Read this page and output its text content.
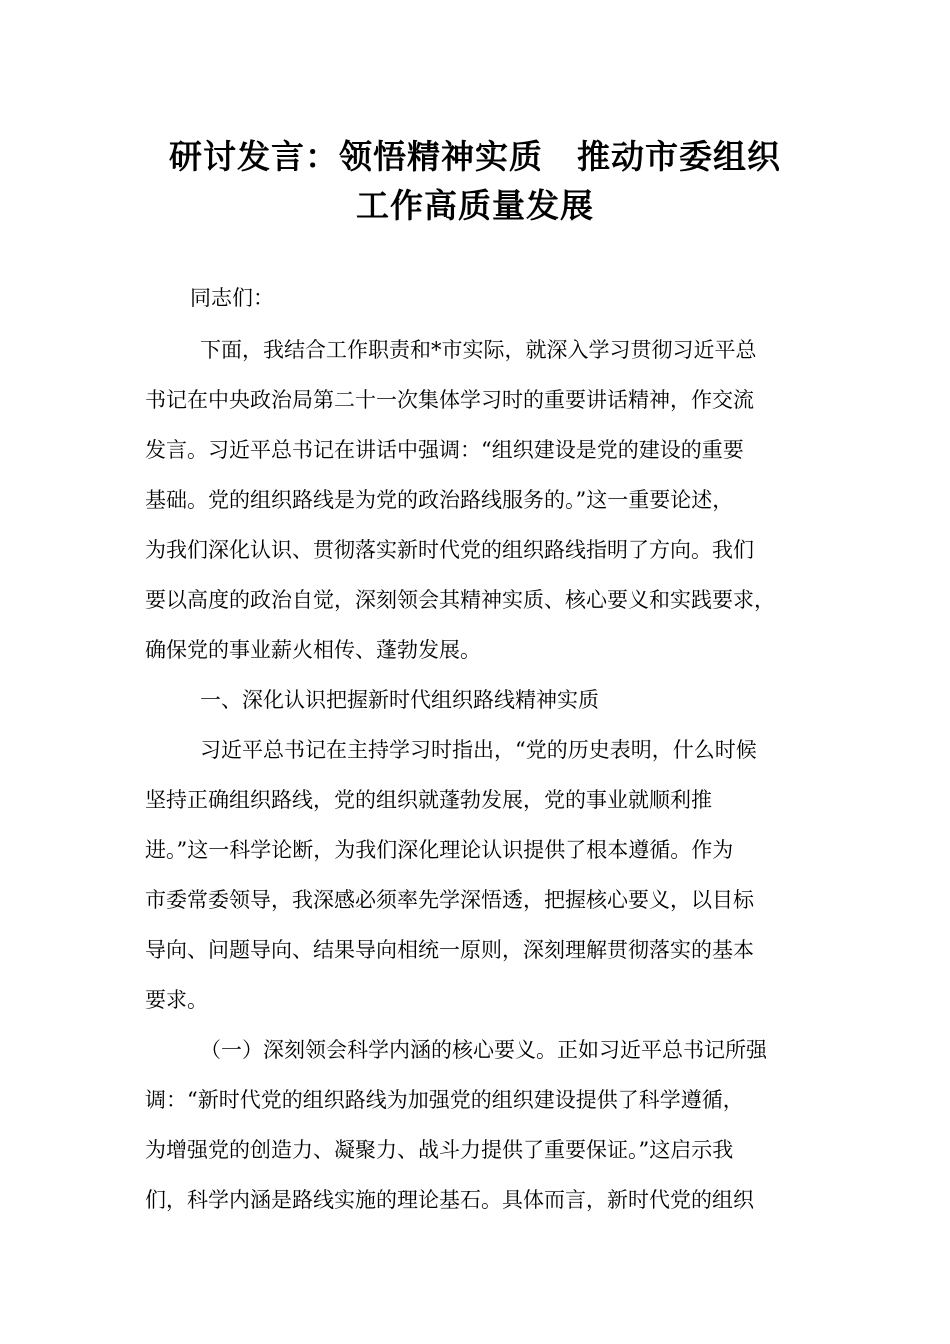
研讨发言：领悟精神实质　推动市委组织
工作高质量发展

同志们：

下面，我结合工作职责和*市实际，就深入学习贯彻习近平总

书记在中央政治局第二十一次集体学习时的重要讲话精神，作交流

发言。习近平总书记在讲话中强调：“组织建设是党的建设的重要

基础。党的组织路线是为党的政治路线服务的。”这一重要论述，

为我们深化认识、贯彻落实新时代党的组织路线指明了方向。我们

要以高度的政治自觉，深刻领会其精神实质、核心要义和实践要求，

确保党的事业薪火相传、蓬勃发展。

一、深化认识把握新时代组织路线精神实质

习近平总书记在主持学习时指出，“党的历史表明，什么时候

坚持正确组织路线，党的组织就蓬勃发展，党的事业就顺利推

进。”这一科学论断，为我们深化理论认识提供了根本遵循。作为

市委常委领导，我深感必须率先学深悟透，把握核心要义，以目标

导向、问题导向、结果导向相统一原则，深刻理解贯彻落实的基本

要求。

（一）深刻领会科学内涵的核心要义。正如习近平总书记所强

调：“新时代党的组织路线为加强党的组织建设提供了科学遵循，

为增强党的创造力、凝聚力、战斗力提供了重要保证。”这启示我

们，科学内涵是路线实施的理论基石。具体而言，新时代党的组织
